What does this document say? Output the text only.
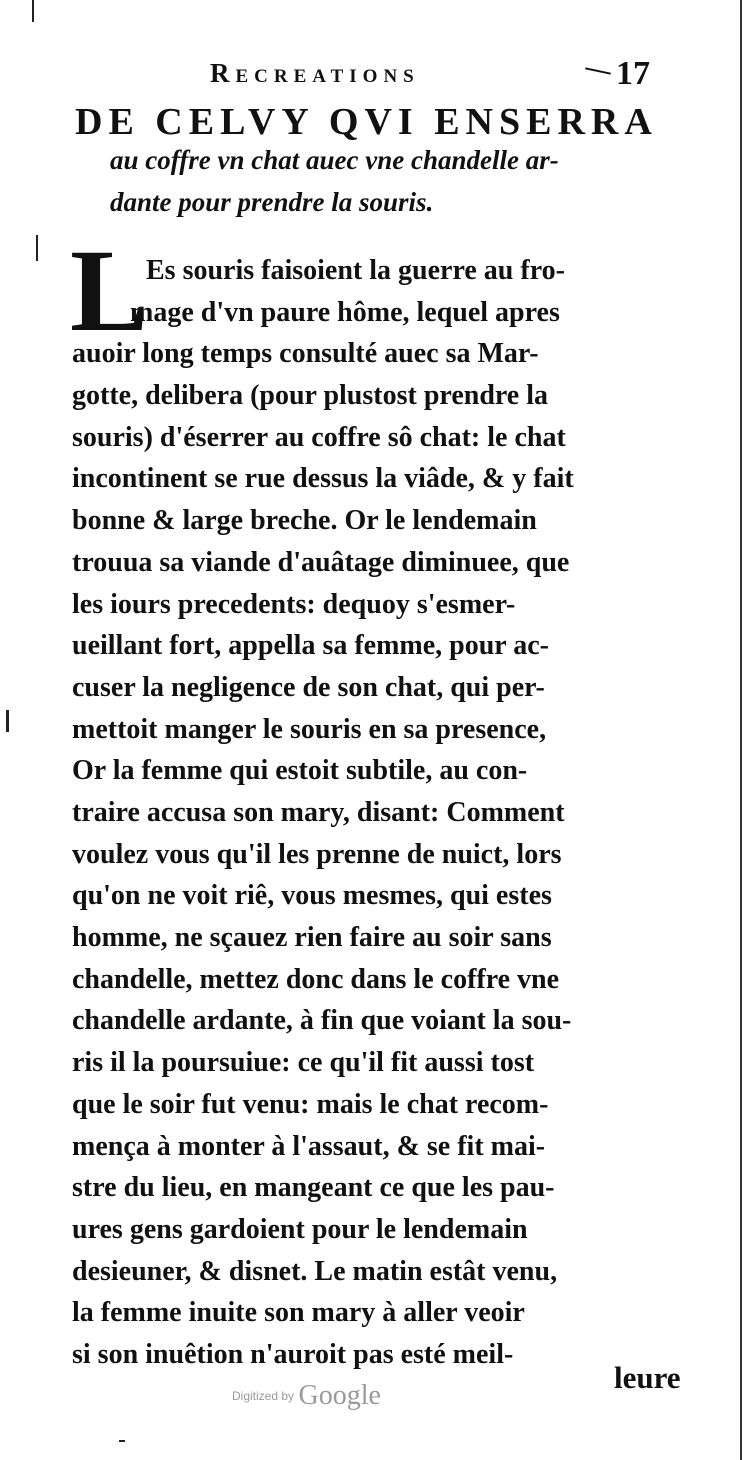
Recreations	17
DE CELVY QVI ENSERRA
au coffre vn chat auec vne chandelle ar-
dante pour prendre la souris.
L
Es souris faisoient la guerre au fro-
mage d'vn paure hôme, lequel apres
auoir long temps consulté auec sa Mar-
gotte, delibera (pour plustost prendre la
souris) d'éserrer au coffre sô chat: le chat
incontinent se rue dessus la viâde, & y fait
bonne & large breche. Or le lendemain
trouua sa viande d'auâtage diminuee, que
les iours precedents: dequoy s'esmer-
ueillant fort, appella sa femme, pour ac-
cuser la negligence de son chat, qui per-
mettoit manger le souris en sa presence,
Or la femme qui estoit subtile, au con-
traire accusa son mary, disant: Comment
voulez vous qu'il les prenne de nuict, lors
qu'on ne voit riê, vous mesmes, qui estes
homme, ne sçauez rien faire au soir sans
chandelle, mettez donc dans le coffre vne
chandelle ardante, à fin que voiant la sou-
ris il la poursuiue: ce qu'il fit aussi tost
que le soir fut venu: mais le chat recom-
mença à monter à l'assaut, & se fit mai-
stre du lieu, en mangeant ce que les pau-
ures gens gardoient pour le lendemain
desieuner, & disnet. Le matin estât venu,
la femme inuite son mary à aller veoir
si son inuêtion n'auroit pas esté meil-
leure
Digitized by Google
